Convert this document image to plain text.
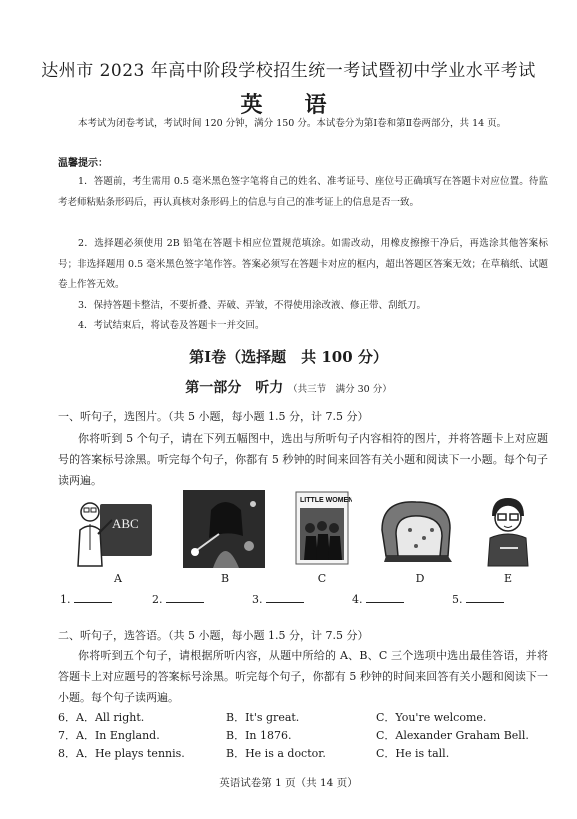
达州市 2023 年高中阶段学校招生统一考试暨初中学业水平考试
英　语
本考试为闭卷考试，考试时间 120 分钟，满分 150 分。本试卷分为第Ⅰ卷和第Ⅱ卷两部分，共 14 页。
温馨提示：
1．答题前，考生需用 0.5 毫米黑色签字笔将自己的姓名、准考证号、座位号正确填写在答题卡对应位置。待监考老师粘贴条形码后，再认真核对条形码上的信息与自己的准考证上的信息是否一致。
2．选择题必须使用 2B 铅笔在答题卡相应位置规范填涂。如需改动，用橡皮擦擦干净后，再选涂其他答案标号；非选择题用 0.5 毫米黑色签字笔作答。答案必须写在答题卡对应的框内，超出答题区答案无效；在草稿纸、试题卷上作答无效。
3．保持答题卡整洁，不要折叠、弄破、弄皱，不得使用涂改液、修正带、刮纸刀。
4．考试结束后，将试卷及答题卡一并交回。
第Ⅰ卷（选择题　共 100 分）
第一部分　听力 （共三节　满分 30 分）
一、听句子，选图片。（共 5 小题，每小题 1.5 分，计 7.5 分）
你将听到 5 个句子，请在下列五幅图中，选出与所听句子内容相符的图片，并将答题卡上对应题号的答案标号涂黑。听完每个句子，你都有 5 秒钟的时间来回答有关小题和阅读下一小题。每个句子读两遍。
ABC
LITTLE WOMEN
A	B	C	D	E
1.	2.	3.	4.	5.
二、听句子，选答语。（共 5 小题，每小题 1.5 分，计 7.5 分）
你将听到五个句子，请根据所听内容，从题中所给的 A、B、C 三个选项中选出最佳答语，并将答题卡上对应题号的答案标号涂黑。听完每个句子，你都有 5 秒钟的时间来回答有关小题和阅读下一小题。每个句子读两遍。
6． A．All right.	B．It's great.	C．You're welcome.
7． A．In England.	B．In 1876.	C．Alexander Graham Bell.
8． A．He plays tennis.	B．He is a doctor.	C．He is tall.
英语试卷第 1 页（共 14 页）
